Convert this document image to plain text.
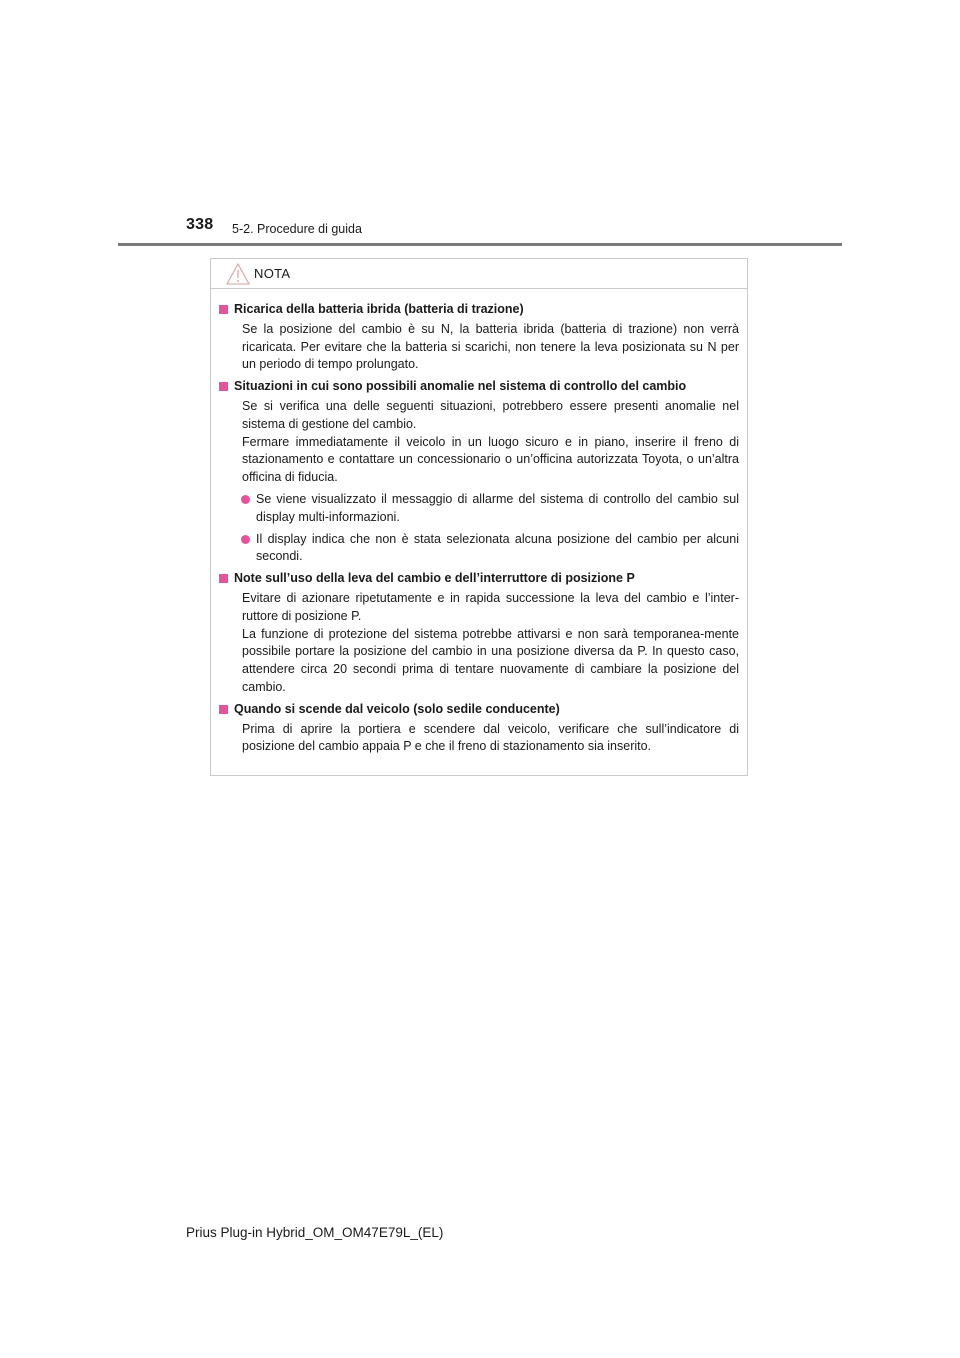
338 5-2. Procedure di guida
NOTA
Ricarica della batteria ibrida (batteria di trazione)
Se la posizione del cambio è su N, la batteria ibrida (batteria di trazione) non verrà ricaricata. Per evitare che la batteria si scarichi, non tenere la leva posizionata su N per un periodo di tempo prolungato.
Situazioni in cui sono possibili anomalie nel sistema di controllo del cambio
Se si verifica una delle seguenti situazioni, potrebbero essere presenti anomalie nel sistema di gestione del cambio.
Fermare immediatamente il veicolo in un luogo sicuro e in piano, inserire il freno di stazionamento e contattare un concessionario o un’officina autorizzata Toyota, o un’altra officina di fiducia.
Se viene visualizzato il messaggio di allarme del sistema di controllo del cambio sul display multi-informazioni.
Il display indica che non è stata selezionata alcuna posizione del cambio per alcuni secondi.
Note sull’uso della leva del cambio e dell’interruttore di posizione P
Evitare di azionare ripetutamente e in rapida successione la leva del cambio e l’inter-ruttore di posizione P.
La funzione di protezione del sistema potrebbe attivarsi e non sarà temporanea-mente possibile portare la posizione del cambio in una posizione diversa da P. In questo caso, attendere circa 20 secondi prima di tentare nuovamente di cambiare la posizione del cambio.
Quando si scende dal veicolo (solo sedile conducente)
Prima di aprire la portiera e scendere dal veicolo, verificare che sull’indicatore di posizione del cambio appaia P e che il freno di stazionamento sia inserito.
Prius Plug-in Hybrid_OM_OM47E79L_(EL)
